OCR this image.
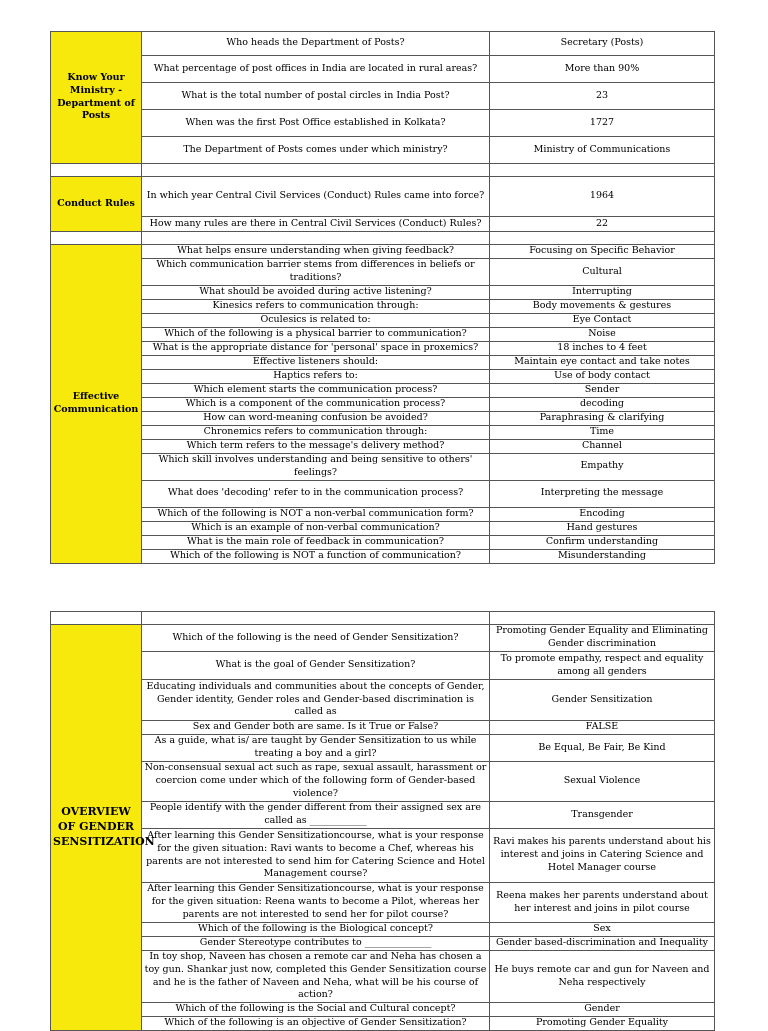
Know Your Ministry - Department of Posts	Who heads the Department of Posts?	Secretary (Posts)
	What percentage of post offices in India are located in rural areas?	More than 90%
	What is the total number of postal circles in India Post?	23
	When was the first Post Office established in Kolkata?	1727
	The Department of Posts comes under which ministry?	Ministry of Communications

Conduct Rules	In which year Central Civil Services (Conduct) Rules came into force?	1964
	How many rules are there in Central Civil Services (Conduct) Rules?	22

Effective Communication	What helps ensure understanding when giving feedback?	Focusing on Specific Behavior
	Which communication barrier stems from differences in beliefs or traditions?	Cultural
	What should be avoided during active listening?	Interrupting
	Kinesics refers to communication through:	Body movements & gestures
	Oculesics is related to:	Eye Contact
	Which of the following is a physical barrier to communication?	Noise
	What is the appropriate distance for 'personal' space in proxemics?	18 inches to 4 feet
	Effective listeners should:	Maintain eye contact and take notes
	Haptics refers to:	Use of body contact
	Which element starts the communication process?	Sender
	Which is a component of the communication process?	decoding
	How can word-meaning confusion be avoided?	Paraphrasing & clarifying
	Chronemics refers to communication through:	Time
	Which term refers to the message's delivery method?	Channel
	Which skill involves understanding and being sensitive to others' feelings?	Empathy
	What does 'decoding' refer to in the communication process?	Interpreting the message
	Which of the following is NOT a non-verbal communication form?	Encoding
	Which is an example of non-verbal communication?	Hand gestures
	What is the main role of feedback in communication?	Confirm understanding
	Which of the following is NOT a function of communication?	Misunderstanding

OVERVIEW OF GENDER SENSITIZATION	Which of the following is the need of Gender Sensitization?	Promoting Gender Equality and Eliminating Gender discrimination
	What is the goal of Gender Sensitization?	To promote empathy, respect and equality among all genders
	Educating individuals and communities about the concepts of Gender, Gender identity, Gender roles and Gender-based discrimination is called as	Gender Sensitization
	Sex and Gender both are same. Is it True or False?	FALSE
	As a guide, what is/ are taught by Gender Sensitization to us while treating a boy and a girl?	Be Equal, Be Fair, Be Kind
	Non-consensual sexual act such as rape, sexual assault, harassment or coercion come under which of the following form of Gender-based violence?	Sexual Violence
	People identify with the gender different from their assigned sex are called as ____________	Transgender
	After learning this Gender Sensitizationcourse, what is your response for the given situation: Ravi wants to become a Chef, whereas his parents are not interested to send him for Catering Science and Hotel Management course?	Ravi makes his parents understand about his interest and joins in Catering Science and Hotel Manager course
	After learning this Gender Sensitizationcourse, what is your response for the given situation: Reena wants to become a Pilot, whereas her parents are not interested to send her for pilot course?	Reena makes her parents understand about her interest and joins in pilot course
	Which of the following is the Biological concept?	Sex
	Gender Stereotype contributes to ______________	Gender based-discrimination and Inequality
	In toy shop, Naveen has chosen a remote car and Neha has chosen a toy gun. Shankar just now, completed this Gender Sensitization course and he is the father of Naveen and Neha, what will be his course of action?	He buys remote car and gun for Naveen and Neha respectively
	Which of the following is the Social and Cultural concept?	Gender
	Which of the following is an objective of Gender Sensitization?	Promoting Gender Equality
